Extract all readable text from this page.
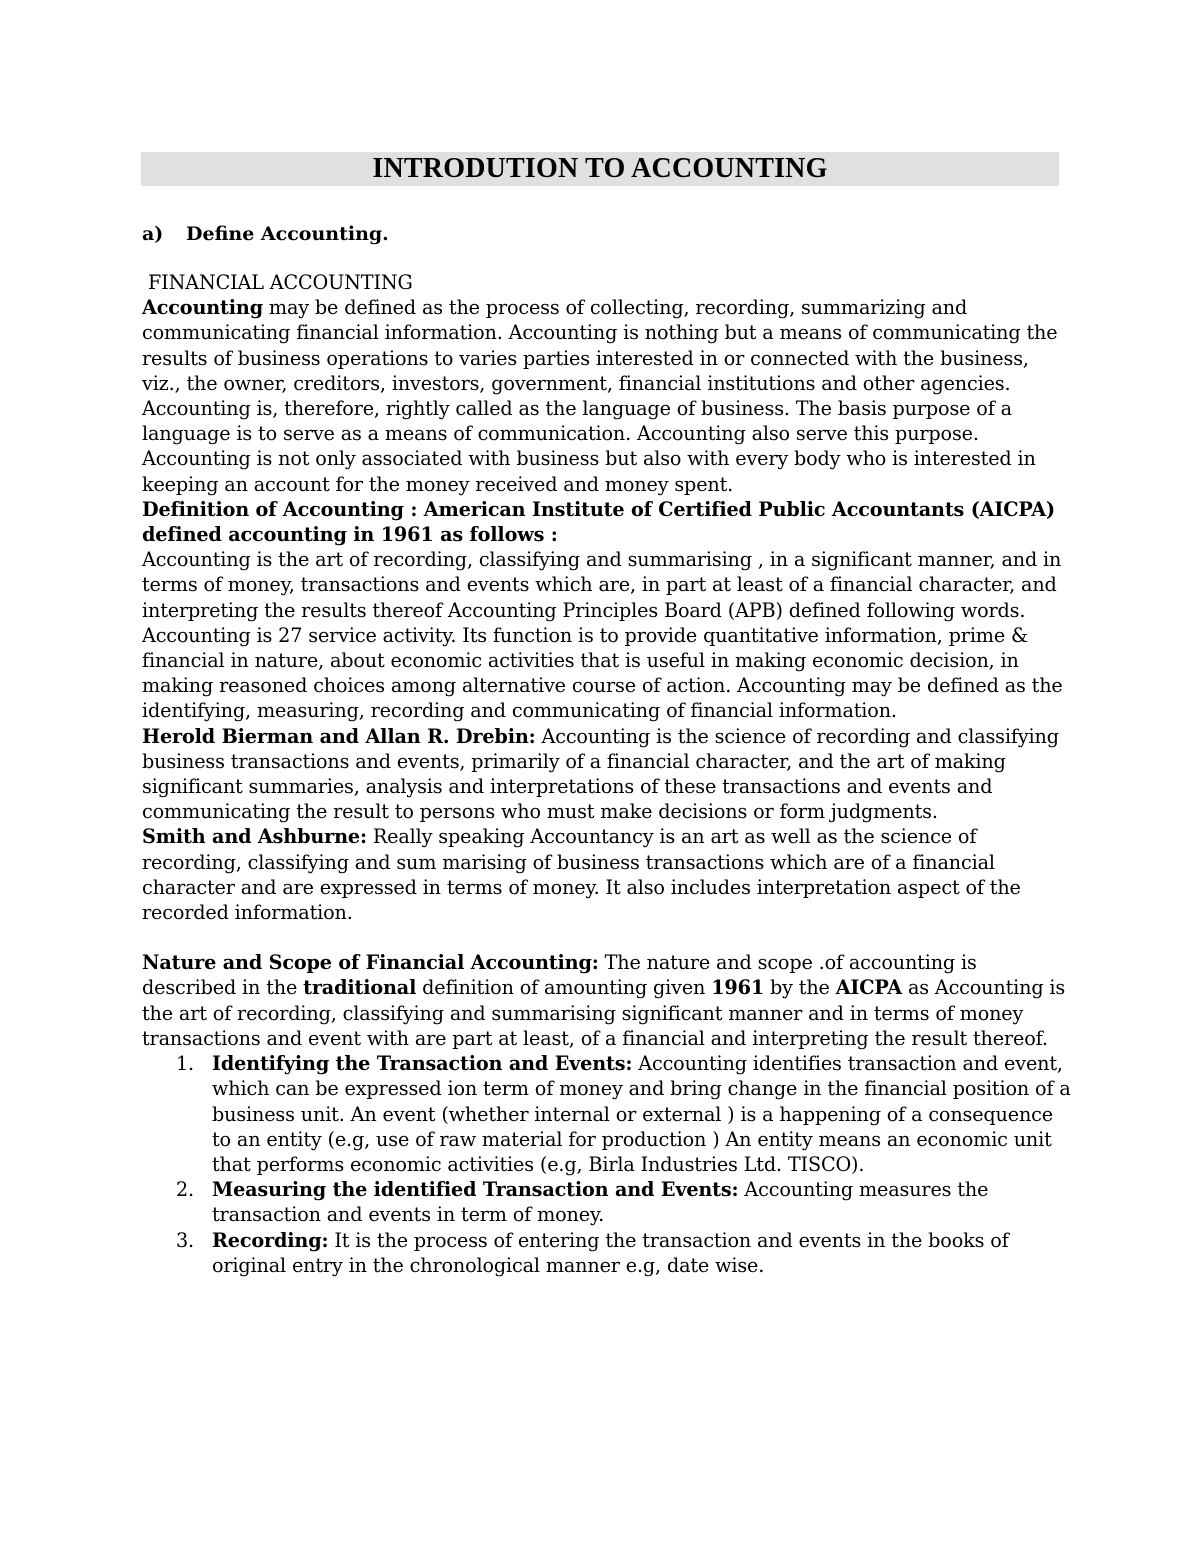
INTRODUTION TO ACCOUNTING
a) Define Accounting.

FINANCIAL ACCOUNTING

Accounting may be defined as the process of collecting, recording, summarizing and communicating financial information. Accounting is nothing but a means of communicating the results of business operations to varies parties interested in or connected with the business, viz., the owner, creditors, investors, government, financial institutions and other agencies. Accounting is, therefore, rightly called as the language of business. The basis purpose of a language is to serve as a means of communication. Accounting also serve this purpose. Accounting is not only associated with business but also with every body who is interested in keeping an account for the money received and money spent.

Definition of Accounting : American Institute of Certified Public Accountants (AICPA) defined accounting in 1961 as follows :

Accounting is the art of recording, classifying and summarising , in a significant manner, and in terms of money, transactions and events which are, in part at least of a financial character, and interpreting the results thereof Accounting Principles Board (APB) defined following words. Accounting is 27 service activity. Its function is to provide quantitative information, prime & financial in nature, about economic activities that is useful in making economic decision, in making reasoned choices among alternative course of action. Accounting may be defined as the identifying, measuring, recording and communicating of financial information.

Herold Bierman and Allan R. Drebin: Accounting is the science of recording and classifying business transactions and events, primarily of a financial character, and the art of making significant summaries, analysis and interpretations of these transactions and events and communicating the result to persons who must make decisions or form judgments.

Smith and Ashburne: Really speaking Accountancy is an art as well as the science of recording, classifying and sum marising of business transactions which are of a financial character and are expressed in terms of money. It also includes interpretation aspect of the recorded information.

Nature and Scope of Financial Accounting: The nature and scope .of accounting is described in the traditional definition of amounting given 1961 by the AICPA as Accounting is the art of recording, classifying and summarising significant manner and in terms of money transactions and event with are part at least, of a financial and interpreting the result thereof.

1. Identifying the Transaction and Events: Accounting identifies transaction and event, which can be expressed ion term of money and bring change in the financial position of a business unit. An event (whether internal or external ) is a happening of a consequence to an entity (e.g, use of raw material for production ) An entity means an economic unit that performs economic activities (e.g, Birla Industries Ltd. TISCO).
2. Measuring the identified Transaction and Events: Accounting measures the transaction and events in term of money.
3. Recording: It is the process of entering the transaction and events in the books of original entry in the chronological manner e.g, date wise.
